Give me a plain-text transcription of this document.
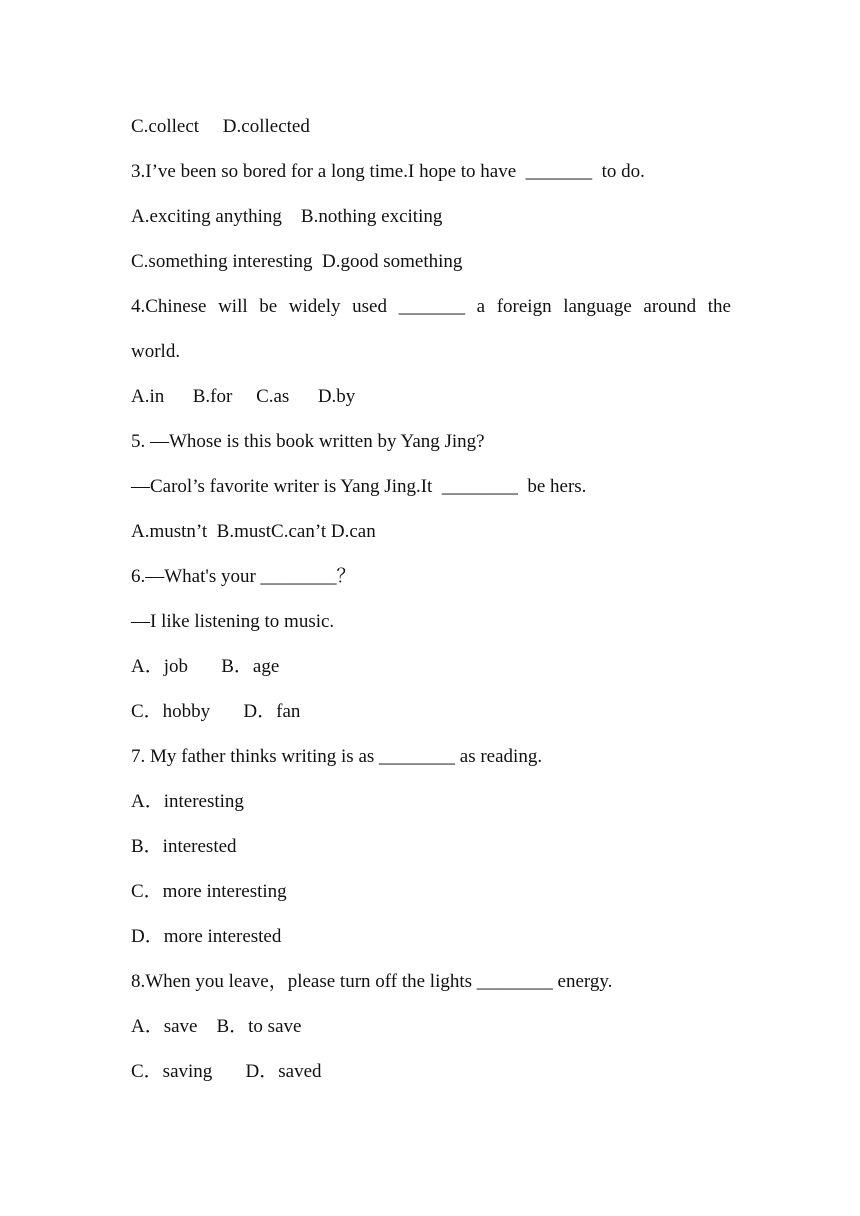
C.collect     D.collected
3.I’ve been so bored for a long time.I hope to have  _______  to do.
A.exciting anything    B.nothing exciting
C.something interesting  D.good something
4.Chinese will be widely used _______ a foreign language around the
world.
A.in      B.for     C.as      D.by
5. —Whose is this book written by Yang Jing?
—Carol’s favorite writer is Yang Jing.It  ________  be hers.
A.mustn’t  B.mustC.can’t D.can
6.—What's your ________？
—I like listening to music.
A．job       B．age
C．hobby       D．fan
7. My father thinks writing is as ________ as reading.
A．interesting
B．interested
C．more interesting
D．more interested
8.When you leave，please turn off the lights ________ energy.
A．save    B．to save
C．saving       D．saved
